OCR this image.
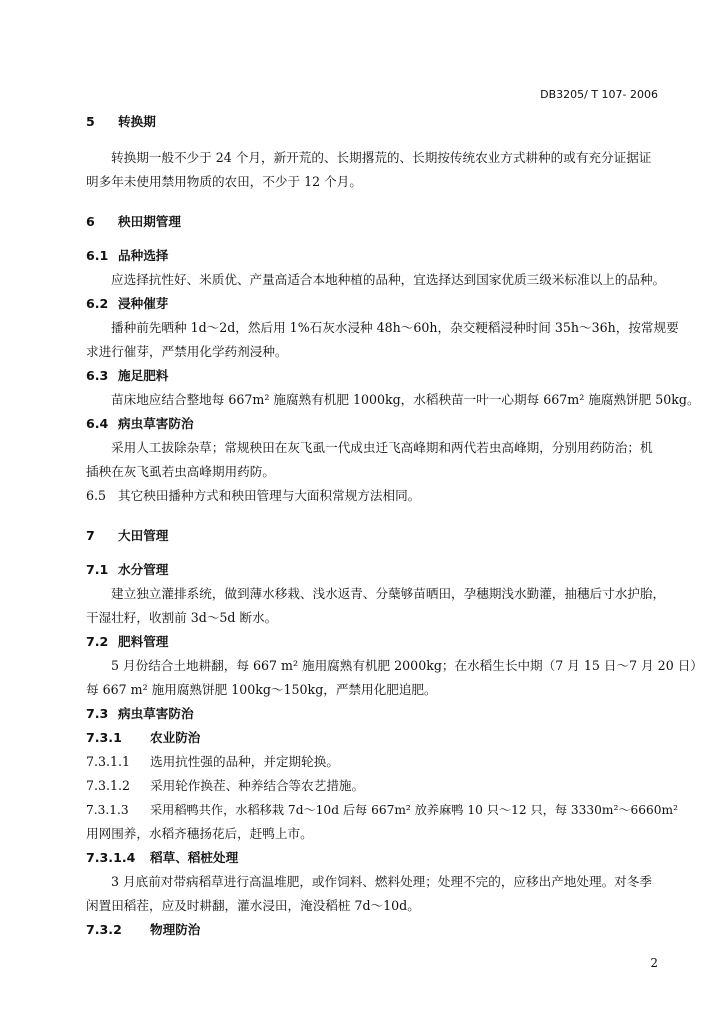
DB3205/ T 107- 2006
5 转换期
转换期一般不少于 24 个月，新开荒的、长期撂荒的、长期按传统农业方式耕种的或有充分证据证
明多年未使用禁用物质的农田，不少于 12 个月。
6 秧田期管理
6.1 品种选择
应选择抗性好、米质优、产量高适合本地种植的品种，宜选择达到国家优质三级米标准以上的品种。
6.2 浸种催芽
播种前先晒种 1d～2d，然后用 1%石灰水浸种 48h～60h，杂交粳稻浸种时间 35h～36h，按常规要
求进行催芽，严禁用化学药剂浸种。
6.3 施足肥料
苗床地应结合整地每 667m² 施腐熟有机肥 1000kg，水稻秧苗一叶一心期每 667m² 施腐熟饼肥 50kg。
6.4 病虫草害防治
采用人工拔除杂草；常规秧田在灰飞虱一代成虫迁飞高峰期和两代若虫高峰期，分别用药防治；机
插秧在灰飞虱若虫高峰期用药防。
6.5 其它秧田播种方式和秧田管理与大面积常规方法相同。
7 大田管理
7.1 水分管理
建立独立灌排系统，做到薄水移栽、浅水返青、分蘖够苗晒田，孕穗期浅水勤灌，抽穗后寸水护胎，
干湿壮籽，收割前 3d～5d 断水。
7.2 肥料管理
5 月份结合土地耕翻，每 667 m² 施用腐熟有机肥 2000kg；在水稻生长中期（7 月 15 日～7 月 20 日）
每 667 m² 施用腐熟饼肥 100kg～150kg，严禁用化肥追肥。
7.3 病虫草害防治
7.3.1 农业防治
7.3.1.1 选用抗性强的品种，并定期轮换。
7.3.1.2 采用轮作换茬、种养结合等农艺措施。
7.3.1.3 采用稻鸭共作，水稻移栽 7d～10d 后每 667m² 放养麻鸭 10 只～12 只，每 3330m²～6660m²
用网围养，水稻齐穗扬花后，赶鸭上市。
7.3.1.4 稻草、稻桩处理
3 月底前对带病稻草进行高温堆肥，或作饲料、燃料处理；处理不完的，应移出产地处理。对冬季
闲置田稻茬，应及时耕翻，灌水浸田，淹没稻桩 7d～10d。
7.3.2 物理防治
2
